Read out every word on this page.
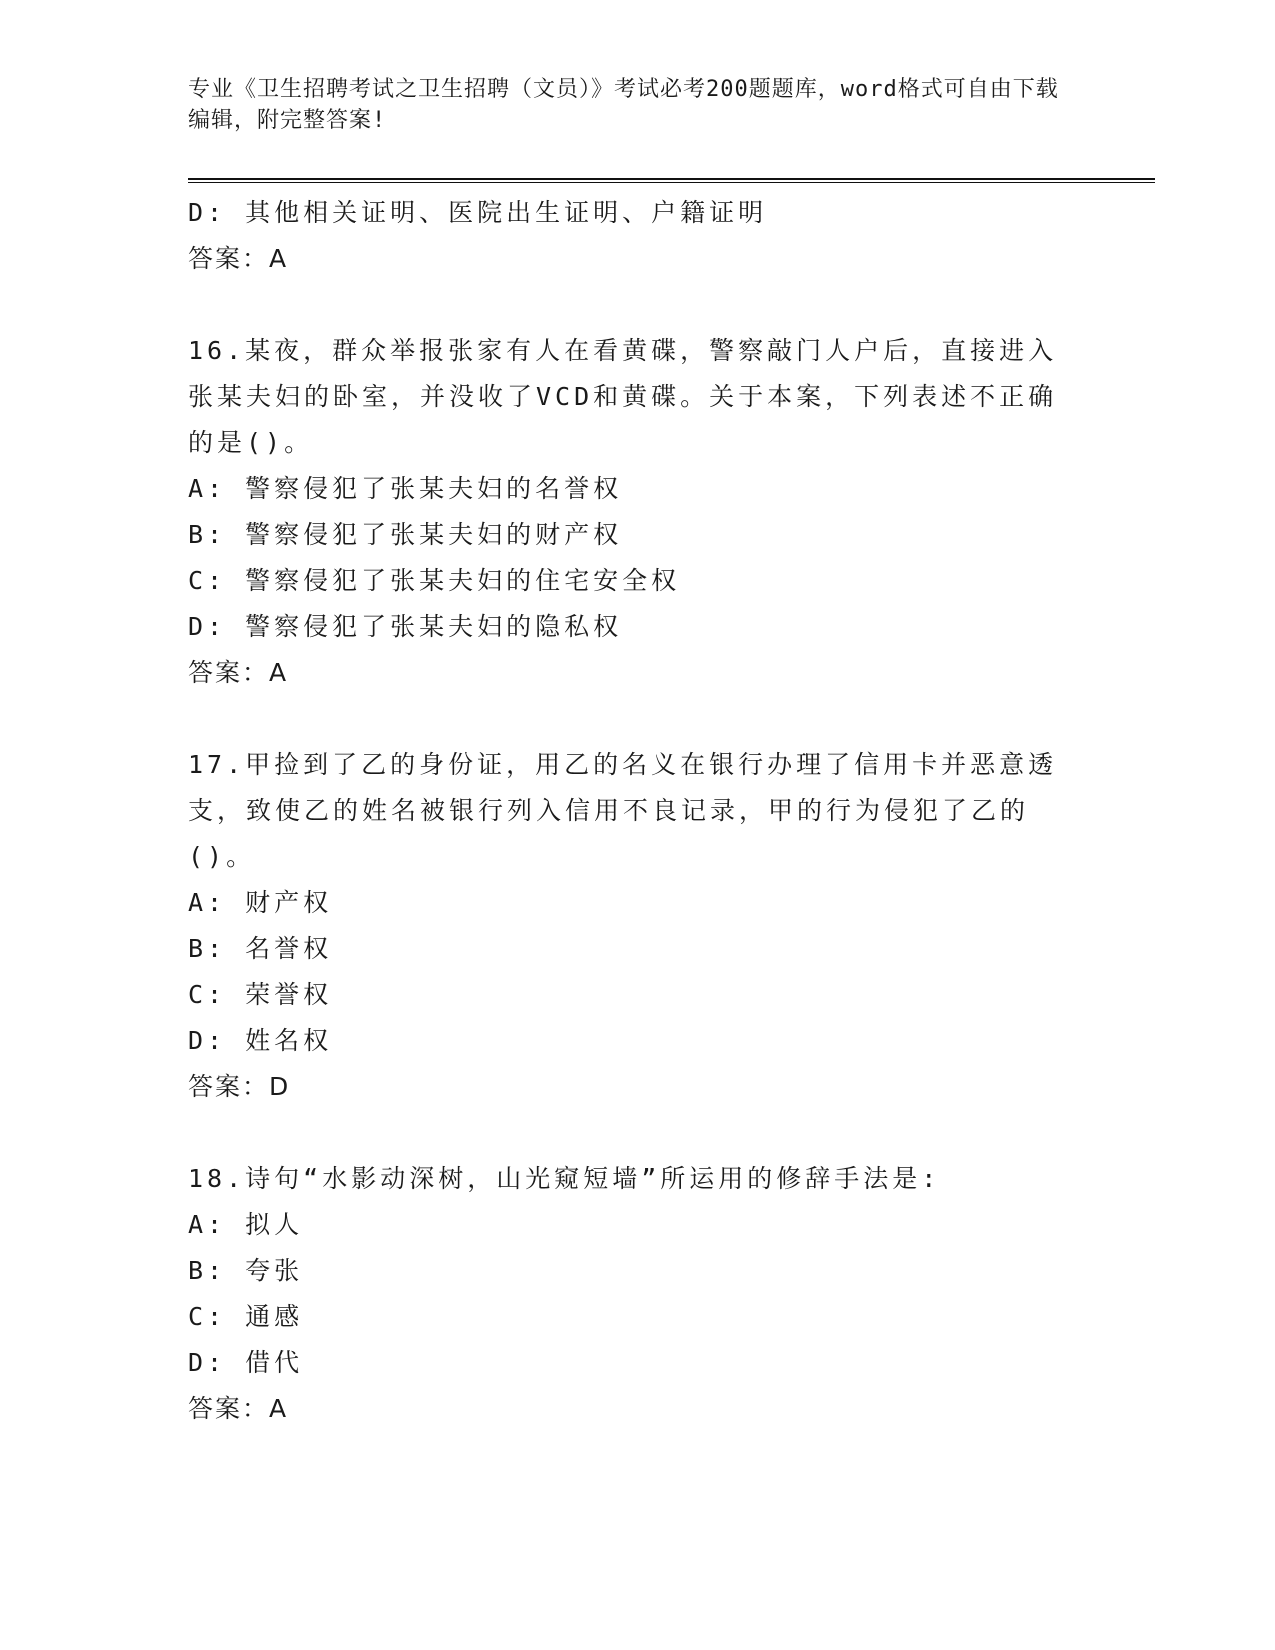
专业《卫生招聘考试之卫生招聘（文员）》考试必考200题题库，word格式可自由下载编辑，附完整答案!
D: 其他相关证明、医院出生证明、户籍证明
答案：A
16.某夜，群众举报张家有人在看黄碟，警察敲门人户后，直接进入张某夫妇的卧室，并没收了VCD和黄碟。关于本案，下列表述不正确的是()。
A: 警察侵犯了张某夫妇的名誉权
B: 警察侵犯了张某夫妇的财产权
C: 警察侵犯了张某夫妇的住宅安全权
D: 警察侵犯了张某夫妇的隐私权
答案：A
17.甲捡到了乙的身份证，用乙的名义在银行办理了信用卡并恶意透支，致使乙的姓名被银行列入信用不良记录，甲的行为侵犯了乙的()。
A: 财产权
B: 名誉权
C: 荣誉权
D: 姓名权
答案：D
18.诗句“水影动深树，山光窥短墙”所运用的修辞手法是:
A: 拟人
B: 夸张
C: 通感
D: 借代
答案：A
